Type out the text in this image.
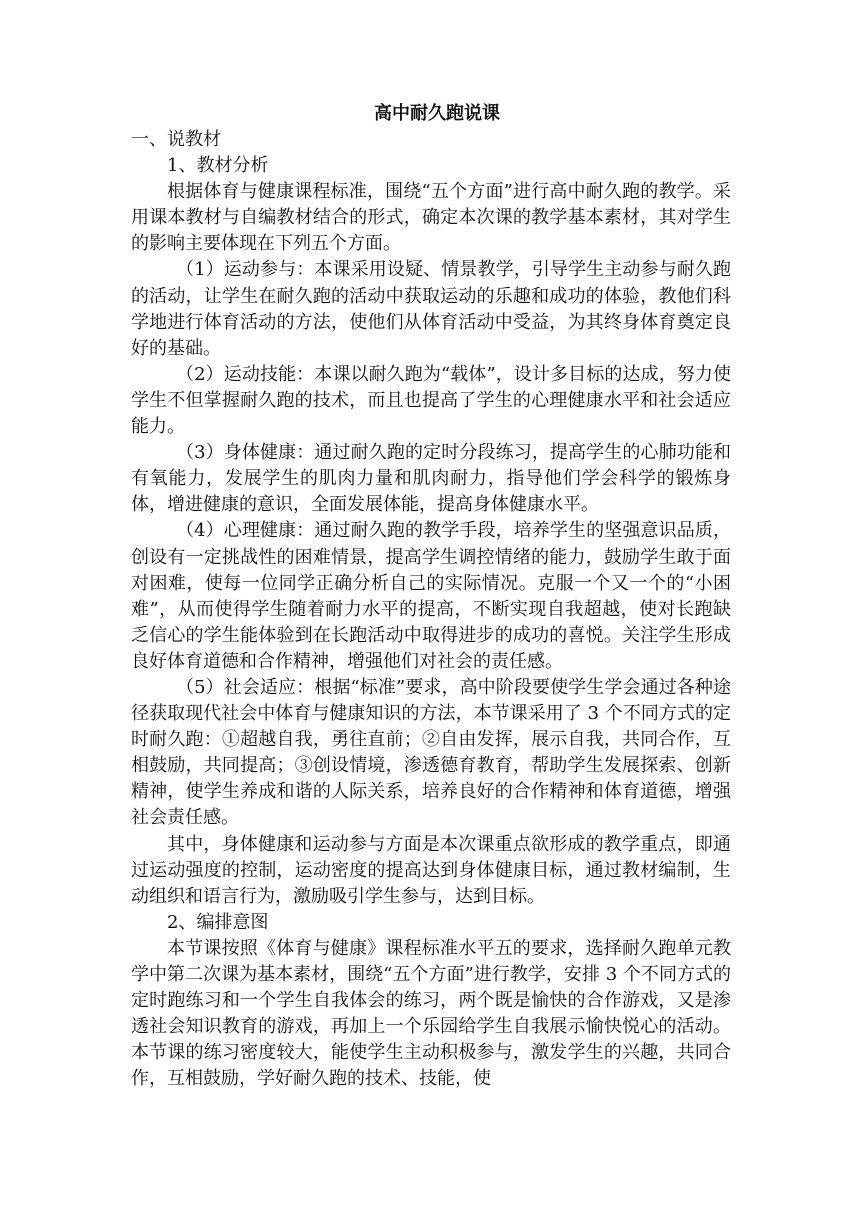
高中耐久跑说课

一、说教材

1、教材分析

根据体育与健康课程标准，围绕“五个方面”进行高中耐久跑的教学。采用课本教材与自编教材结合的形式，确定本次课的教学基本素材，其对学生的影响主要体现在下列五个方面。

（1）运动参与：本课采用设疑、情景教学，引导学生主动参与耐久跑的活动，让学生在耐久跑的活动中获取运动的乐趣和成功的体验，教他们科学地进行体育活动的方法，使他们从体育活动中受益，为其终身体育奠定良好的基础。

（2）运动技能：本课以耐久跑为“载体”，设计多目标的达成，努力使学生不但掌握耐久跑的技术，而且也提高了学生的心理健康水平和社会适应能力。

（3）身体健康：通过耐久跑的定时分段练习，提高学生的心肺功能和有氧能力，发展学生的肌肉力量和肌肉耐力，指导他们学会科学的锻炼身体，增进健康的意识，全面发展体能，提高身体健康水平。

（4）心理健康：通过耐久跑的教学手段，培养学生的坚强意识品质，创设有一定挑战性的困难情景，提高学生调控情绪的能力，鼓励学生敢于面对困难，使每一位同学正确分析自己的实际情况。克服一个又一个的“小困难”，从而使得学生随着耐力水平的提高，不断实现自我超越，使对长跑缺乏信心的学生能体验到在长跑活动中取得进步的成功的喜悦。关注学生形成良好体育道德和合作精神，增强他们对社会的责任感。

（5）社会适应：根据“标准”要求，高中阶段要使学生学会通过各种途径获取现代社会中体育与健康知识的方法，本节课采用了 3 个不同方式的定时耐久跑：①超越自我，勇往直前；②自由发挥，展示自我，共同合作，互相鼓励，共同提高；③创设情境，渗透德育教育，帮助学生发展探索、创新精神，使学生养成和谐的人际关系，培养良好的合作精神和体育道德，增强社会责任感。

其中，身体健康和运动参与方面是本次课重点欲形成的教学重点，即通过运动强度的控制，运动密度的提高达到身体健康目标，通过教材编制，生动组织和语言行为，激励吸引学生参与，达到目标。

2、编排意图

本节课按照《体育与健康》课程标准水平五的要求，选择耐久跑单元教学中第二次课为基本素材，围绕“五个方面”进行教学，安排 3 个不同方式的定时跑练习和一个学生自我体会的练习，两个既是愉快的合作游戏，又是渗透社会知识教育的游戏，再加上一个乐园给学生自我展示愉快悦心的活动。本节课的练习密度较大，能使学生主动积极参与，激发学生的兴趣，共同合作，互相鼓励，学好耐久跑的技术、技能，使
